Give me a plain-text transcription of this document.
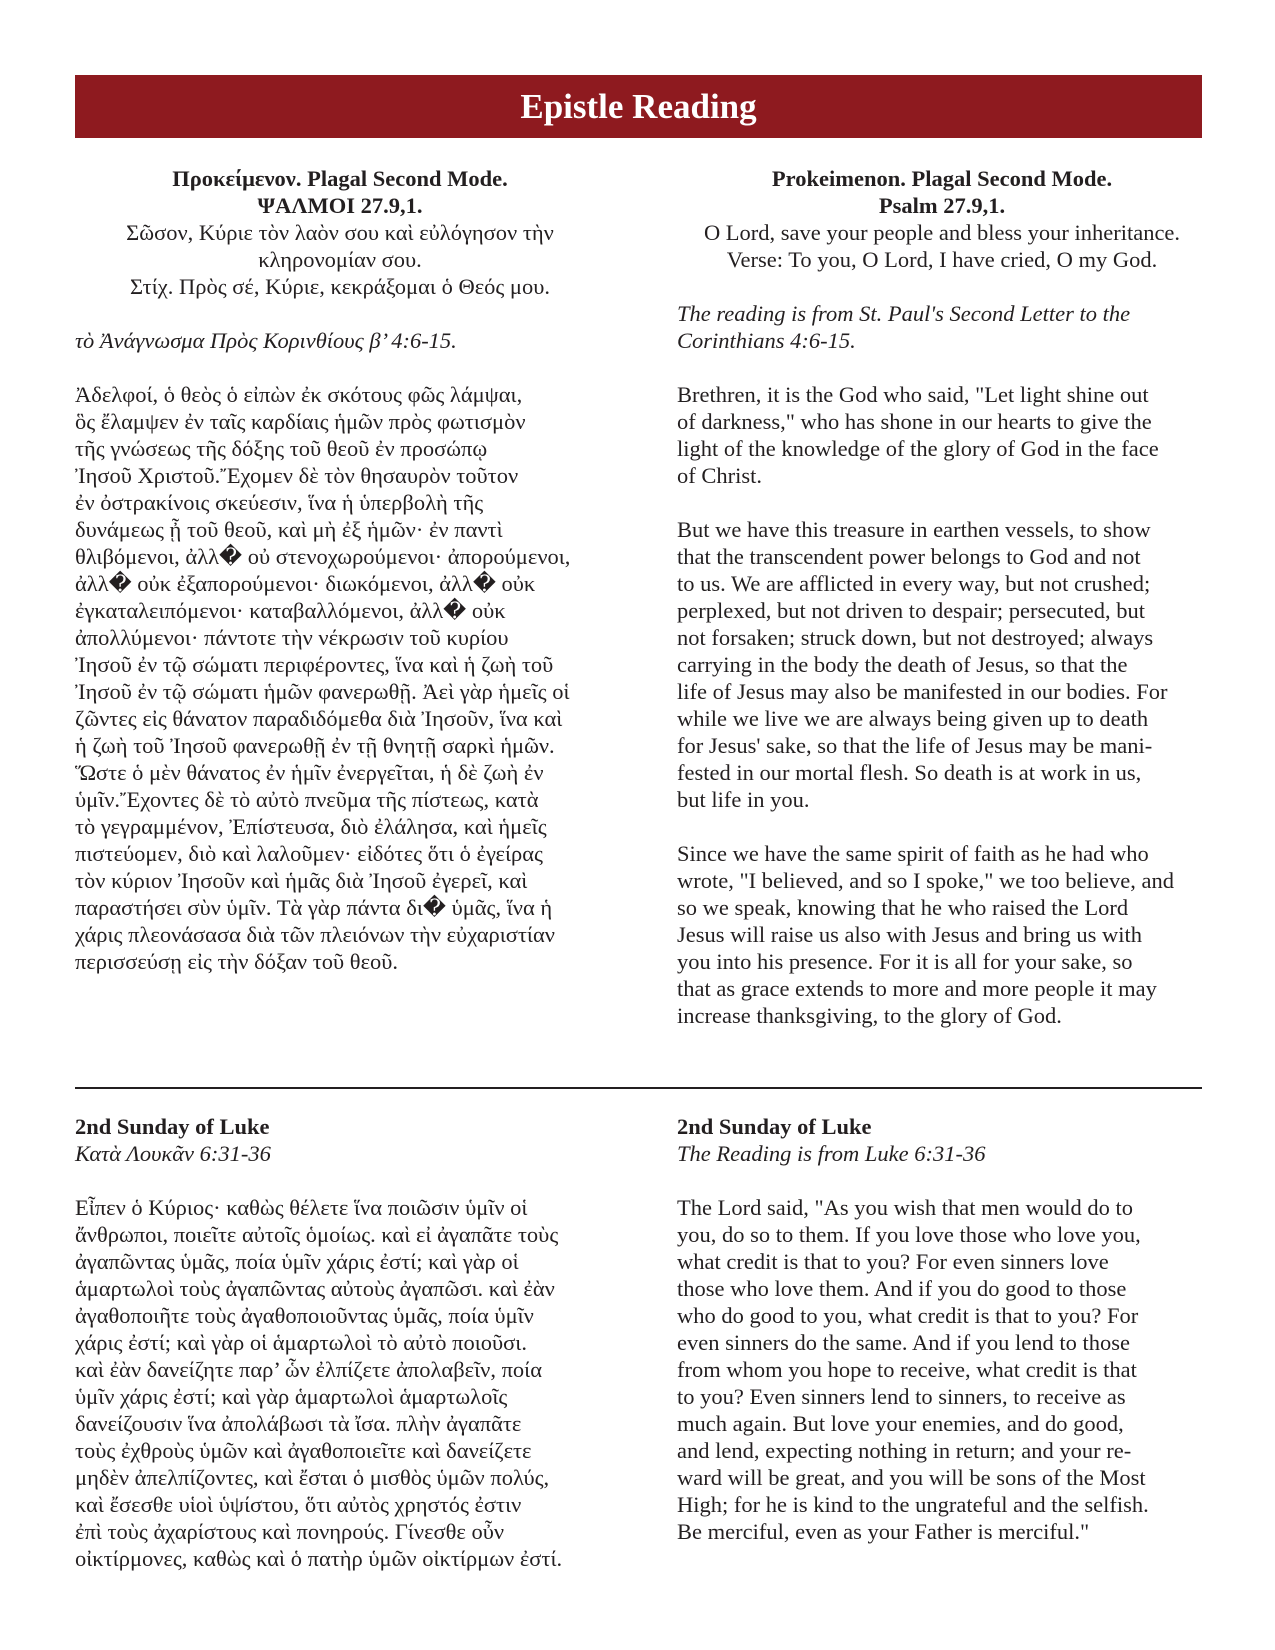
Epistle Reading

Προκείμενον. Plagal Second Mode.

ΨΑΛΜΟΙ 27.9,1.

Σῶσον, Κύριε τὸν λαὸν σου καὶ εὐλόγησον τὴν

κληρονομίαν σου.

Στίχ. Πρὸς σέ, Κύριε, κεκράξομαι ὁ Θεός μου.

τὸ Ἀνάγνωσμα Πρὸς Κορινθίους β’ 4:6-15.

Ἀδελφοί, ὁ θεὸς ὁ εἰπὼν ἐκ σκότους φῶς λάμψαι,

ὃς ἔλαμψεν ἐν ταῖς καρδίαις ἡμῶν πρὸς φωτισμὸν

τῆς γνώσεως τῆς δόξης τοῦ θεοῦ ἐν προσώπῳ

Ἰησοῦ Χριστοῦ.Ἔχομεν δὲ τὸν θησαυρὸν τοῦτον

ἐν ὀστρακίνοις σκεύεσιν, ἵνα ἡ ὑπερβολὴ τῆς

δυνάμεως ᾖ τοῦ θεοῦ, καὶ μὴ ἐξ ἡμῶν· ἐν παντὶ

θλιβόμενοι, ἀλλ� οὐ στενοχωρούμενοι· ἀπορούμενοι,

ἀλλ� οὐκ ἐξαπορούμενοι· διωκόμενοι, ἀλλ� οὐκ

ἐγκαταλειπόμενοι· καταβαλλόμενοι, ἀλλ� οὐκ

ἀπολλύμενοι· πάντοτε τὴν νέκρωσιν τοῦ κυρίου

Ἰησοῦ ἐν τῷ σώματι περιφέροντες, ἵνα καὶ ἡ ζωὴ τοῦ

Ἰησοῦ ἐν τῷ σώματι ἡμῶν φανερωθῇ. Ἀεὶ γὰρ ἡμεῖς οἱ

ζῶντες εἰς θάνατον παραδιδόμεθα διὰ Ἰησοῦν, ἵνα καὶ

ἡ ζωὴ τοῦ Ἰησοῦ φανερωθῇ ἐν τῇ θνητῇ σαρκὶ ἡμῶν.

Ὥστε ὁ μὲν θάνατος ἐν ἡμῖν ἐνεργεῖται, ἡ δὲ ζωὴ ἐν

ὑμῖν.Ἔχοντες δὲ τὸ αὐτὸ πνεῦμα τῆς πίστεως, κατὰ

τὸ γεγραμμένον, Ἐπίστευσα, διὸ ἐλάλησα, καὶ ἡμεῖς

πιστεύομεν, διὸ καὶ λαλοῦμεν· εἰδότες ὅτι ὁ ἐγείρας

τὸν κύριον Ἰησοῦν καὶ ἡμᾶς διὰ Ἰησοῦ ἐγερεῖ, καὶ

παραστήσει σὺν ὑμῖν. Τὰ γὰρ πάντα δι� ὑμᾶς, ἵνα ἡ

χάρις πλεονάσασα διὰ τῶν πλειόνων τὴν εὐχαριστίαν

περισσεύσῃ εἰς τὴν δόξαν τοῦ θεοῦ.

Prokeimenon. Plagal Second Mode.

Psalm 27.9,1.

O Lord, save your people and bless your inheritance.

Verse: To you, O Lord, I have cried, O my God.

The reading is from St. Paul's Second Letter to the

Corinthians 4:6-15.

Brethren, it is the God who said, "Let light shine out

of darkness," who has shone in our hearts to give the

light of the knowledge of the glory of God in the face

of Christ.

But we have this treasure in earthen vessels, to show

that the transcendent power belongs to God and not

to us. We are afflicted in every way, but not crushed;

perplexed, but not driven to despair; persecuted, but

not forsaken; struck down, but not destroyed; always

carrying in the body the death of Jesus, so that the

life of Jesus may also be manifested in our bodies. For

while we live we are always being given up to death

for Jesus' sake, so that the life of Jesus may be mani-

fested in our mortal flesh. So death is at work in us,

but life in you.

Since we have the same spirit of faith as he had who

wrote, "I believed, and so I spoke," we too believe, and

so we speak, knowing that he who raised the Lord

Jesus will raise us also with Jesus and bring us with

you into his presence. For it is all for your sake, so

that as grace extends to more and more people it may

increase thanksgiving, to the glory of God.

2nd Sunday of Luke

Κατὰ Λουκᾶν 6:31-36

Εἶπεν ὁ Κύριος· καθὼς θέλετε ἵνα ποιῶσιν ὑμῖν οἱ

ἄνθρωποι, ποιεῖτε αὐτοῖς ὁμοίως. καὶ εἰ ἀγαπᾶτε τοὺς

ἀγαπῶντας ὑμᾶς, ποία ὑμῖν χάρις ἐστί; καὶ γὰρ οἱ

ἁμαρτωλοὶ τοὺς ἀγαπῶντας αὐτοὺς ἀγαπῶσι. καὶ ἐὰν

ἀγαθοποιῆτε τοὺς ἀγαθοποιοῦντας ὑμᾶς, ποία ὑμῖν

χάρις ἐστί; καὶ γὰρ οἱ ἁμαρτωλοὶ τὸ αὐτὸ ποιοῦσι.

καὶ ἐὰν δανείζητε παρ’ ὧν ἐλπίζετε ἀπολαβεῖν, ποία

ὑμῖν χάρις ἐστί; καὶ γὰρ ἁμαρτωλοὶ ἁμαρτωλοῖς

δανείζουσιν ἵνα ἀπολάβωσι τὰ ἴσα. πλὴν ἀγαπᾶτε

τοὺς ἐχθροὺς ὑμῶν καὶ ἀγαθοποιεῖτε καὶ δανείζετε

μηδὲν ἀπελπίζοντες, καὶ ἔσται ὁ μισθὸς ὑμῶν πολύς,

καὶ ἔσεσθε υἱοὶ ὑψίστου, ὅτι αὐτὸς χρηστός ἐστιν

ἐπὶ τοὺς ἀχαρίστους καὶ πονηρούς. Γίνεσθε οὖν

οἰκτίρμονες, καθὼς καὶ ὁ πατὴρ ὑμῶν οἰκτίρμων ἐστί.

2nd Sunday of Luke

The Reading is from Luke 6:31-36

The Lord said, "As you wish that men would do to

you, do so to them. If you love those who love you,

what credit is that to you? For even sinners love

those who love them. And if you do good to those

who do good to you, what credit is that to you? For

even sinners do the same. And if you lend to those

from whom you hope to receive, what credit is that

to you? Even sinners lend to sinners, to receive as

much again. But love your enemies, and do good,

and lend, expecting nothing in return; and your re-

ward will be great, and you will be sons of the Most

High; for he is kind to the ungrateful and the selfish.

Be merciful, even as your Father is merciful."
